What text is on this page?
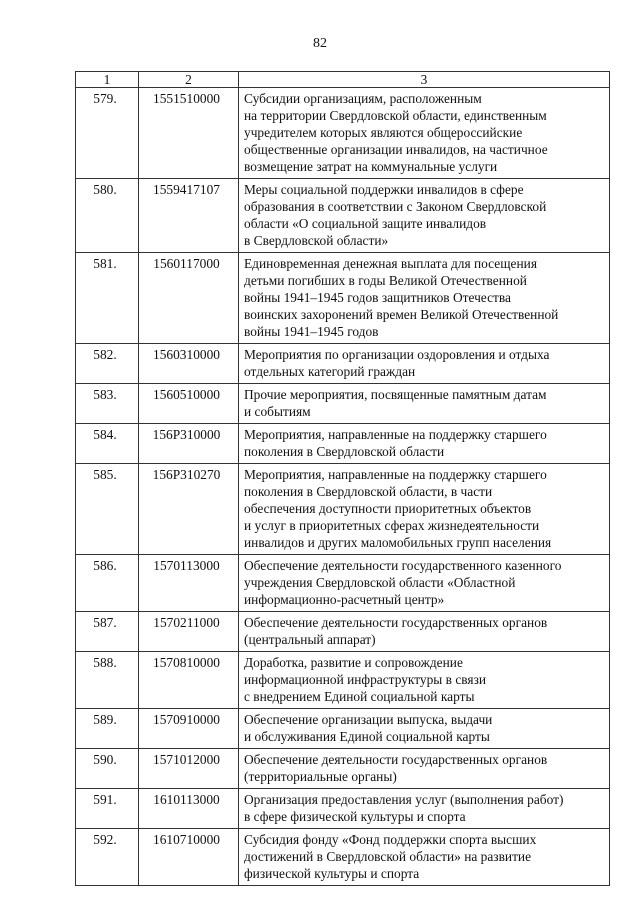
82
1	2	3
579.	1551510000	Субсидии организациям, расположенным
на территории Свердловской области, единственным
учредителем которых являются общероссийские
общественные организации инвалидов, на частичное
возмещение затрат на коммунальные услуги

580.	1559417107	Меры социальной поддержки инвалидов в сфере
образования в соответствии с Законом Свердловской
области «О социальной защите инвалидов
в Свердловской области»

581.	1560117000	Единовременная денежная выплата для посещения
детьми погибших в годы Великой Отечественной
войны 1941–1945 годов защитников Отечества
воинских захоронений времен Великой Отечественной
войны 1941–1945 годов

582.	1560310000	Мероприятия по организации оздоровления и отдыха
отдельных категорий граждан

583.	1560510000	Прочие мероприятия, посвященные памятным датам
и событиям

584.	156P310000	Мероприятия, направленные на поддержку старшего
поколения в Свердловской области

585.	156P310270	Мероприятия, направленные на поддержку старшего
поколения в Свердловской области, в части
обеспечения доступности приоритетных объектов
и услуг в приоритетных сферах жизнедеятельности
инвалидов и других маломобильных групп населения

586.	1570113000	Обеспечение деятельности государственного казенного
учреждения Свердловской области «Областной
информационно-расчетный центр»

587.	1570211000	Обеспечение деятельности государственных органов
(центральный аппарат)

588.	1570810000	Доработка, развитие и сопровождение
информационной инфраструктуры в связи
с внедрением Единой социальной карты

589.	1570910000	Обеспечение организации выпуска, выдачи
и обслуживания Единой социальной карты

590.	1571012000	Обеспечение деятельности государственных органов
(территориальные органы)

591.	1610113000	Организация предоставления услуг (выполнения работ)
в сфере физической культуры и спорта

592.	1610710000	Субсидия фонду «Фонд поддержки спорта высших
достижений в Свердловской области» на развитие
физической культуры и спорта
